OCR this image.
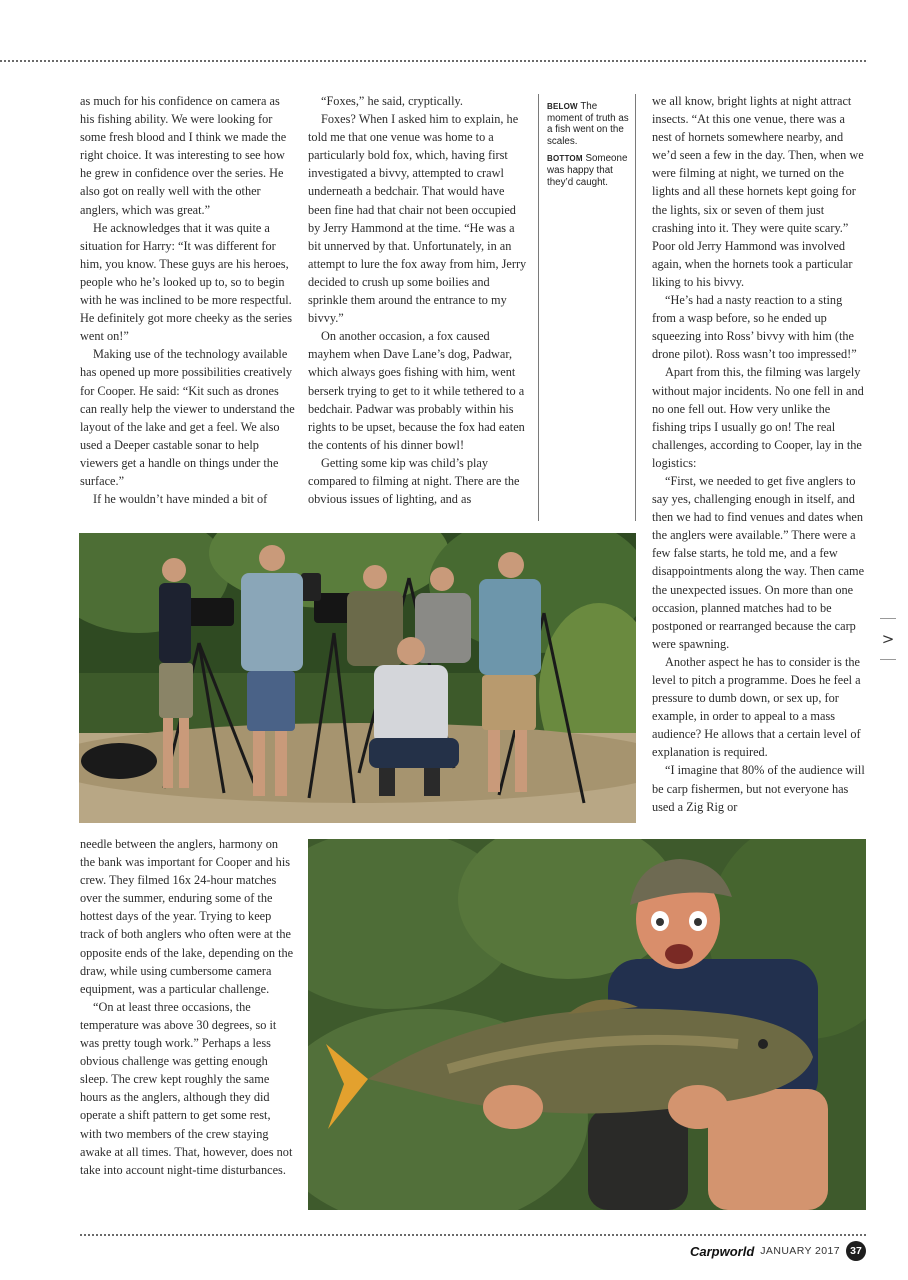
as much for his confidence on camera as his fishing ability. We were looking for some fresh blood and I think we made the right choice. It was interesting to see how he grew in confidence over the series. He also got on really well with the other anglers, which was great.”

He acknowledges that it was quite a situation for Harry: “It was different for him, you know. These guys are his heroes, people who he’s looked up to, so to begin with he was inclined to be more respectful. He definitely got more cheeky as the series went on!”

Making use of the technology available has opened up more possibilities creatively for Cooper. He said: “Kit such as drones can really help the viewer to understand the layout of the lake and get a feel. We also used a Deeper castable sonar to help viewers get a handle on things under the surface.”

If he wouldn’t have minded a bit of

“Foxes,” he said, cryptically.

Foxes? When I asked him to explain, he told me that one venue was home to a particularly bold fox, which, having first investigated a bivvy, attempted to crawl underneath a bedchair. That would have been fine had that chair not been occupied by Jerry Hammond at the time. “He was a bit unnerved by that. Unfortunately, in an attempt to lure the fox away from him, Jerry decided to crush up some boilies and sprinkle them around the entrance to my bivvy.”

On another occasion, a fox caused mayhem when Dave Lane’s dog, Padwar, which always goes fishing with him, went berserk trying to get to it while tethered to a bedchair. Padwar was probably within his rights to be upset, because the fox had eaten the contents of his dinner bowl!

Getting some kip was child’s play compared to filming at night. There are the obvious issues of lighting, and as

BELOW The moment of truth as a fish went on the scales.

BOTTOM Someone was happy that they’d caught.

we all know, bright lights at night attract insects. “At this one venue, there was a nest of hornets somewhere nearby, and we’d seen a few in the day. Then, when we were filming at night, we turned on the lights and all these hornets kept going for the lights, six or seven of them just crashing into it. They were quite scary.” Poor old Jerry Hammond was involved again, when the hornets took a particular liking to his bivvy.

“He’s had a nasty reaction to a sting from a wasp before, so he ended up squeezing into Ross’ bivvy with him (the drone pilot). Ross wasn’t too impressed!”

Apart from this, the filming was largely without major incidents. No one fell in and no one fell out. How very unlike the fishing trips I usually go on! The real challenges, according to Cooper, lay in the logistics:

“First, we needed to get five anglers to say yes, challenging enough in itself, and then we had to find venues and dates when the anglers were available.” There were a few false starts, he told me, and a few disappointments along the way. Then came the unexpected issues. On more than one occasion, planned matches had to be postponed or rearranged because the carp were spawning.

Another aspect he has to consider is the level to pitch a programme. Does he feel a pressure to dumb down, or sex up, for example, in order to appeal to a mass audience? He allows that a certain level of explanation is required.

“I imagine that 80% of the audience will be carp fishermen, but not everyone has used a Zig Rig or

needle between the anglers, harmony on the bank was important for Cooper and his crew. They filmed 16x 24-hour matches over the summer, enduring some of the hottest days of the year. Trying to keep track of both anglers who often were at the opposite ends of the lake, depending on the draw, while using cumbersome camera equipment, was a particular challenge.

“On at least three occasions, the temperature was above 30 degrees, so it was pretty tough work.” Perhaps a less obvious challenge was getting enough sleep. The crew kept roughly the same hours as the anglers, although they did operate a shift pattern to get some rest, with two members of the crew staying awake at all times. That, however, does not take into account night-time disturbances.

>
Carpworld JANUARY 2017 37
